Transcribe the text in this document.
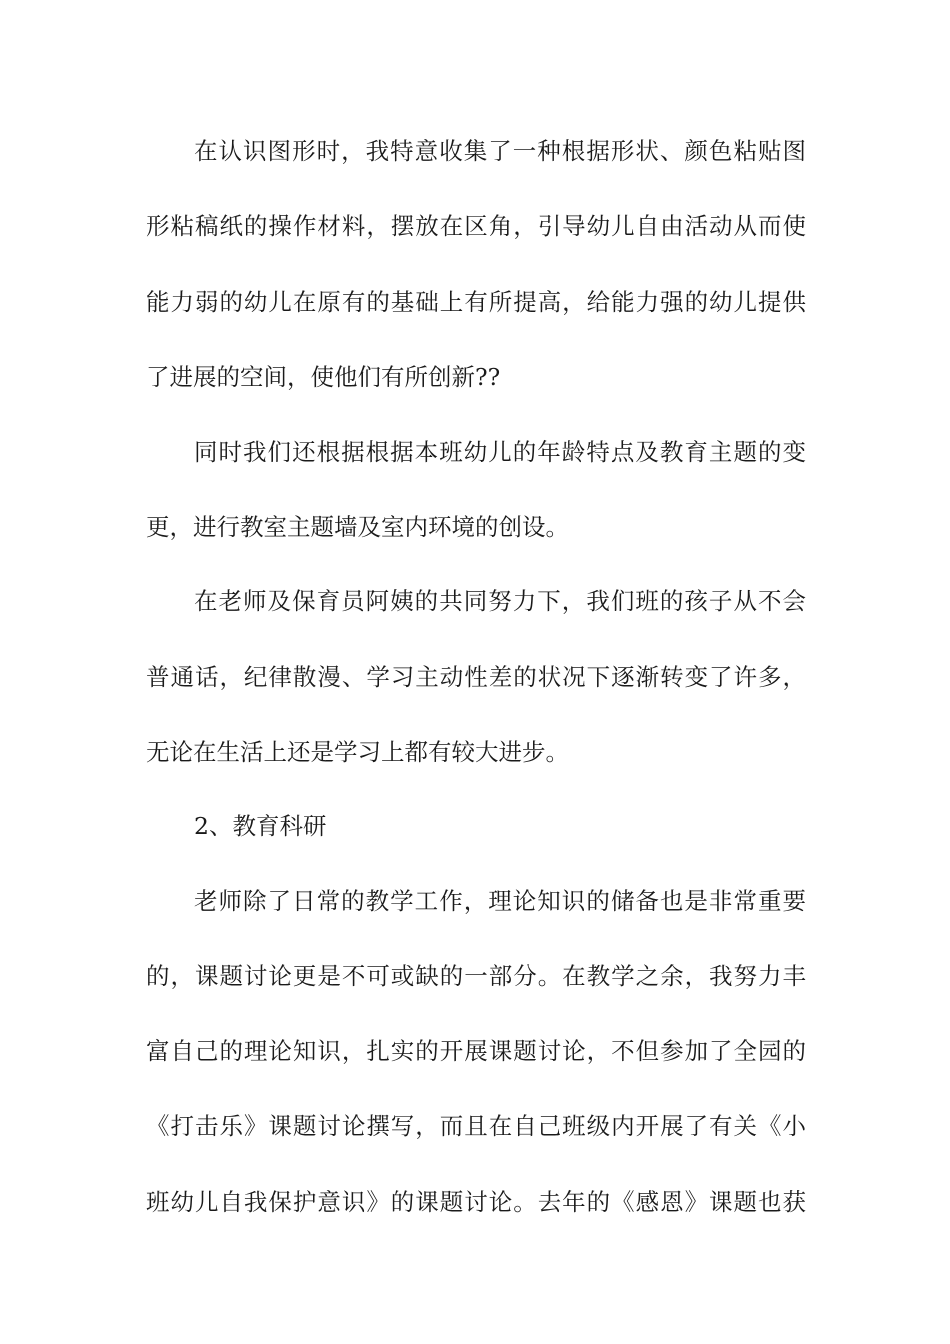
在认识图形时，我特意收集了一种根据形状、颜色粘贴图
形粘稿纸的操作材料，摆放在区角，引导幼儿自由活动从而使
能力弱的幼儿在原有的基础上有所提高，给能力强的幼儿提供
了进展的空间，使他们有所创新??
同时我们还根据根据本班幼儿的年龄特点及教育主题的变
更，进行教室主题墙及室内环境的创设。
在老师及保育员阿姨的共同努力下，我们班的孩子从不会
普通话，纪律散漫、学习主动性差的状况下逐渐转变了许多，
无论在生活上还是学习上都有较大进步。
2、教育科研
老师除了日常的教学工作，理论知识的储备也是非常重要
的，课题讨论更是不可或缺的一部分。在教学之余，我努力丰
富自己的理论知识，扎实的开展课题讨论，不但参加了全园的
《打击乐》课题讨论撰写，而且在自己班级内开展了有关《小
班幼儿自我保护意识》的课题讨论。去年的《感恩》课题也获
